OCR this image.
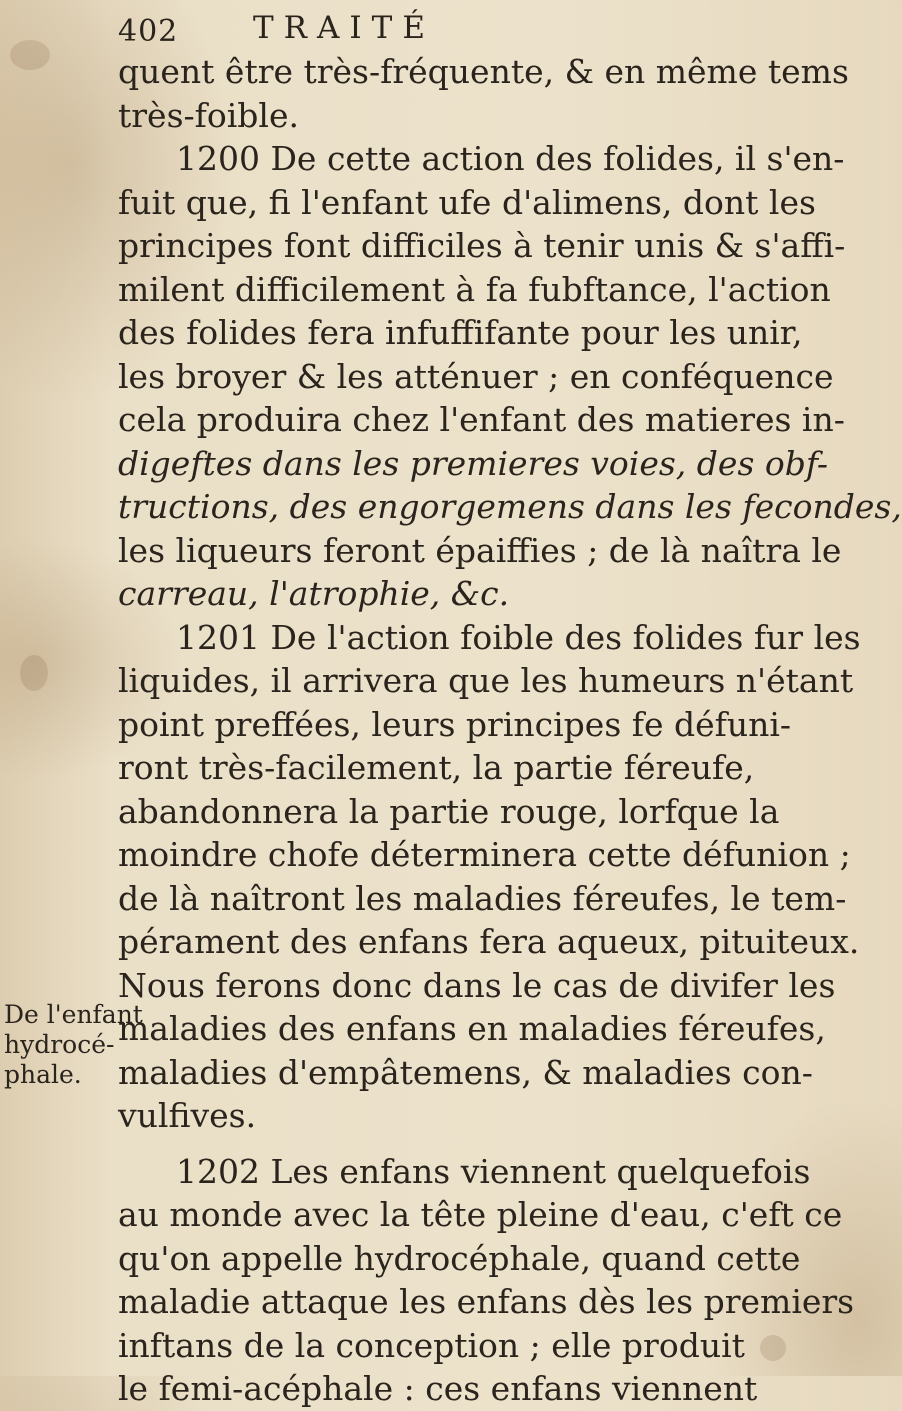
402 TRAITÉ
De l'enfant
hydrocé-
phale.
quent être très-fréquente, & en même tems
très-foible.
1200 De cette action des folides, il s'en-
fuit que, fi l'enfant ufe d'alimens, dont les
principes font difficiles à tenir unis & s'affi-
milent difficilement à fa fubftance, l'action
des folides fera infuffifante pour les unir,
les broyer & les atténuer ; en conféquence
cela produira chez l'enfant des matieres in-
digeftes dans les premieres voies, des obf-
tructions, des engorgemens dans les fecondes,
les liqueurs feront épaiffies ; de là naîtra le
carreau, l'atrophie, &c.
1201 De l'action foible des folides fur les
liquides, il arrivera que les humeurs n'étant
point preffées, leurs principes fe défuni-
ront très-facilement, la partie féreufe,
abandonnera la partie rouge, lorfque la
moindre chofe déterminera cette défunion ;
de là naîtront les maladies féreufes, le tem-
pérament des enfans fera aqueux, pituiteux.
Nous ferons donc dans le cas de divifer les
maladies des enfans en maladies féreufes,
maladies d'empâtemens, & maladies con-
vulfives.
1202 Les enfans viennent quelquefois
au monde avec la tête pleine d'eau, c'eft ce
qu'on appelle hydrocéphale, quand cette
maladie attaque les enfans dès les premiers
inftans de la conception ; elle produit
le femi-acéphale : ces enfans viennent
